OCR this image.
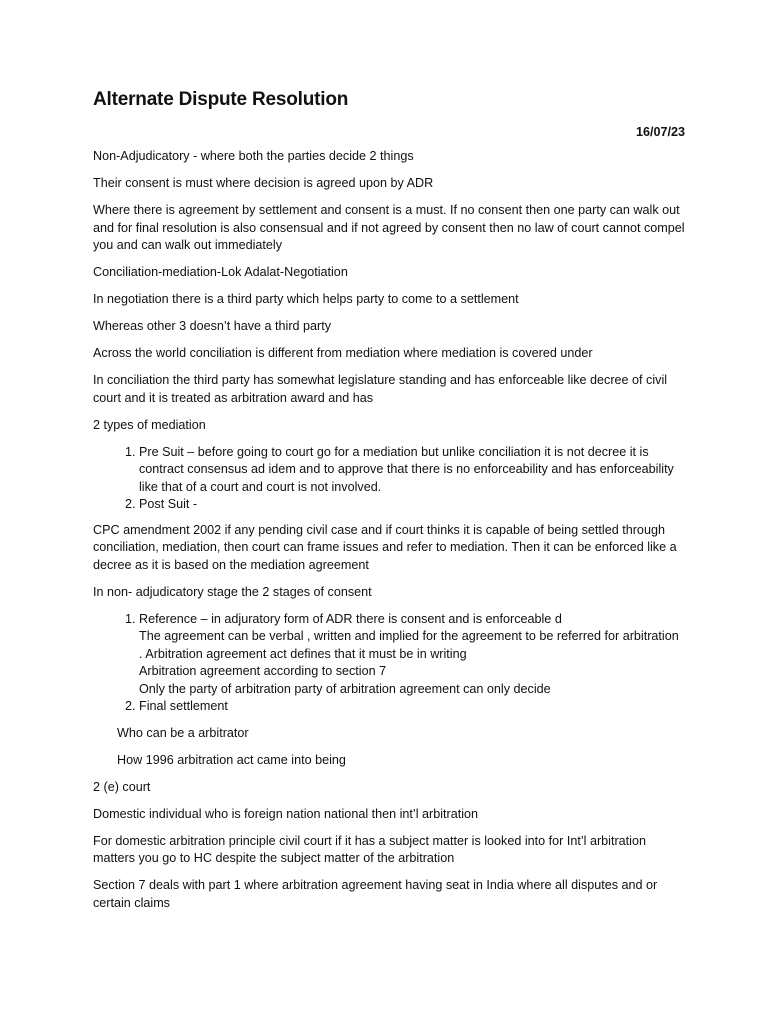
Alternate Dispute Resolution
16/07/23

Non-Adjudicatory - where both the parties decide 2 things

Their consent is must where decision is agreed upon by ADR

Where there is agreement by settlement and consent is a must. If no consent then one party can walk out and for final resolution is also consensual and if not agreed by consent then no law of court cannot compel you and can walk out immediately

Conciliation-mediation-Lok Adalat-Negotiation

In negotiation there is a third party which helps party to come to a settlement

Whereas other 3 doesn’t have a third party

Across the world conciliation is different from mediation where mediation is covered under

In conciliation the third party has somewhat legislature standing and has enforceable like decree of civil court and it is treated as arbitration award and has

2 types of mediation

1. Pre Suit – before going to court go for a mediation but unlike conciliation it is not decree it is contract consensus ad idem and to approve that there is no enforceability and has enforceability like that of a court and court is not involved.
2. Post Suit -

CPC amendment 2002 if any pending civil case and if court thinks it is capable of being settled through conciliation, mediation, then court can frame issues and refer to mediation. Then it can be enforced like a decree as it is based on the mediation agreement

In non- adjudicatory stage the 2 stages of consent

1. Reference – in adjuratory form of ADR there is consent and is enforceable d
The agreement can be verbal , written and implied for the agreement to be referred for arbitration . Arbitration agreement act defines that it must be in writing
Arbitration agreement according to section 7
Only the party of arbitration party of arbitration agreement can only decide
2. Final settlement

Who can be a arbitrator

How 1996 arbitration act came into being

2 (e) court

Domestic individual who is foreign nation national then int’l arbitration

For domestic arbitration principle civil court if it has a subject matter is looked into for Int’l arbitration matters you go to HC despite the subject matter of the arbitration

Section 7 deals with part 1 where arbitration agreement having seat in India where all disputes and or certain claims
